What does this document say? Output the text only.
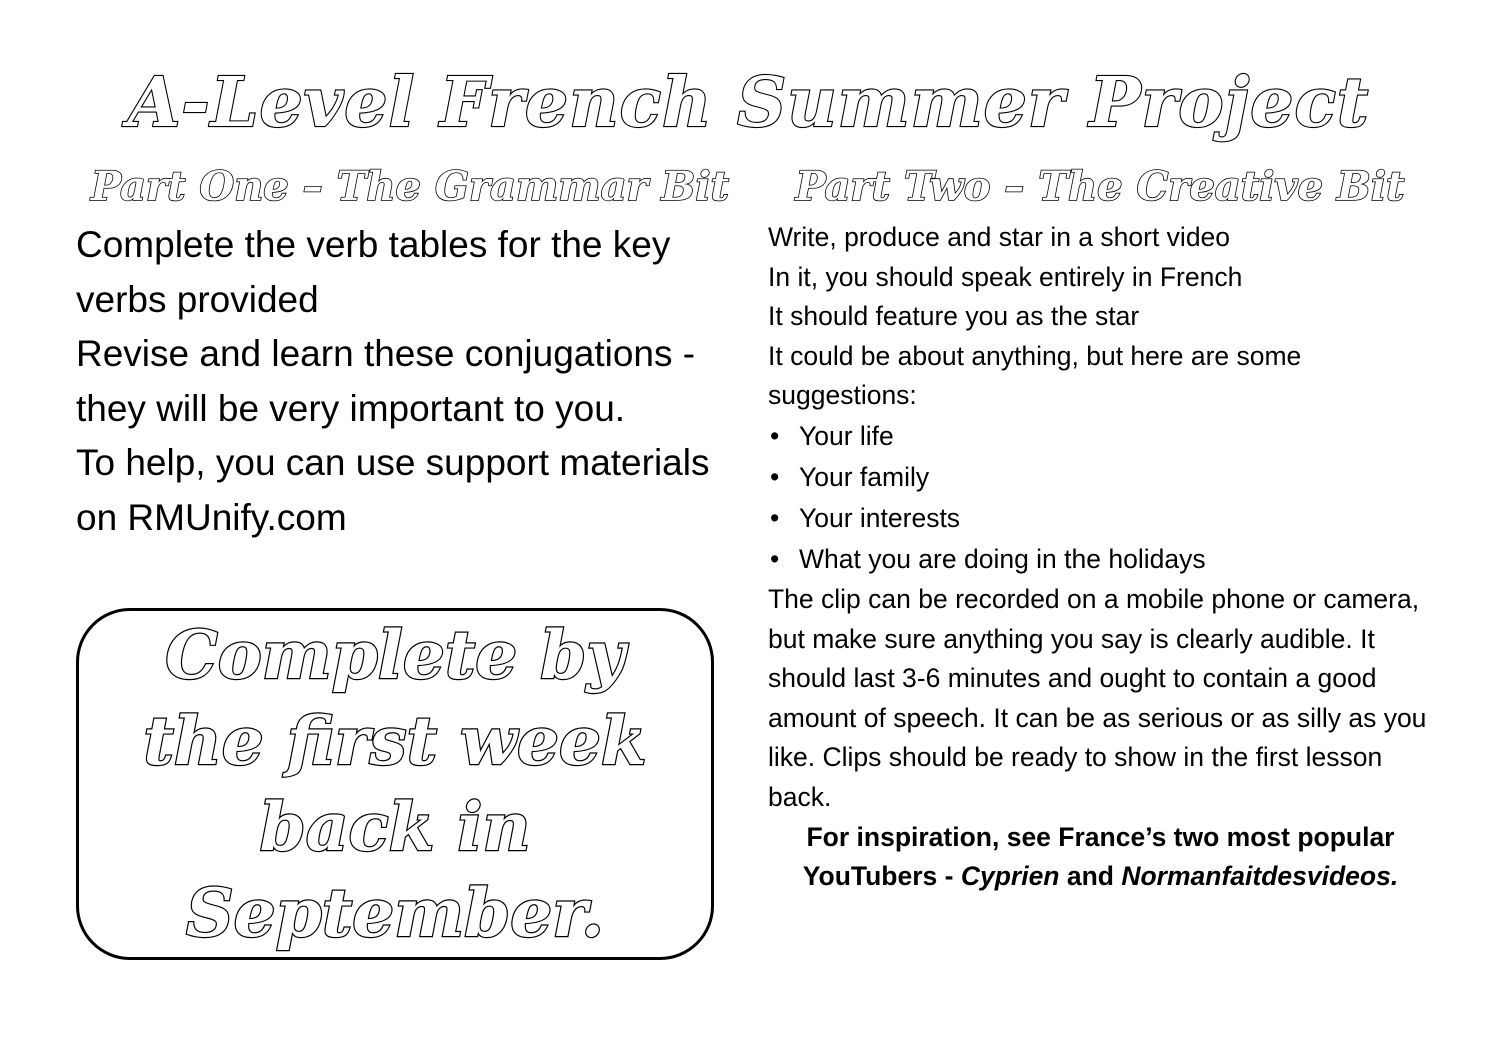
A-Level French Summer Project
Part One – The Grammar Bit	Part Two – The Creative Bit

Complete the verb tables for the key verbs provided

Revise and learn these conjugations - they will be very important to you.

To help, you can use support materials on RMUnify.com

Complete by the first week back in September.

Write, produce and star in a short video

In it, you should speak entirely in French

It should feature you as the star

It could be about anything, but here are some suggestions:

• Your life
• Your family
• Your interests
• What you are doing in the holidays

The clip can be recorded on a mobile phone or camera, but make sure anything you say is clearly audible. It should last 3-6 minutes and ought to contain a good amount of speech. It can be as serious or as silly as you like. Clips should be ready to show in the first lesson back.

For inspiration, see France’s two most popular YouTubers - Cyprien and Normanfaitdesvideos.
